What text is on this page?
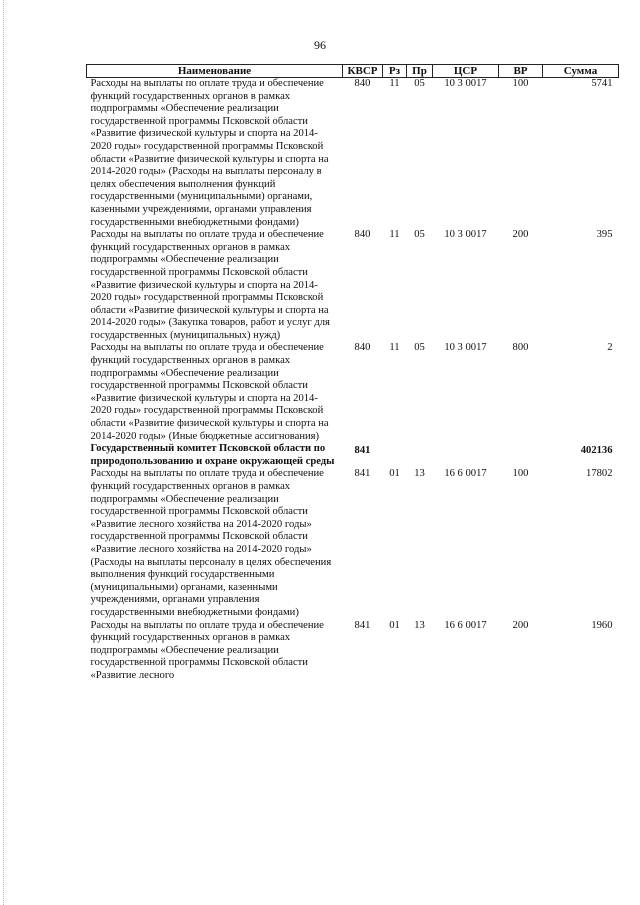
96
Наименование	КВСР	Рз	Пр	ЦСР	ВР	Сумма
Расходы на выплаты по оплате труда и обеспечение функций государственных органов в рамках подпрограммы «Обеспечение реализации государственной программы Псковской области «Развитие физической культуры и спорта на 2014-2020 годы» государственной программы Псковской области «Развитие физической культуры и спорта на 2014-2020 годы» (Расходы на выплаты персоналу в целях обеспечения выполнения функций государственными (муниципальными) органами, казенными учреждениями, органами управления государственными внебюджетными фондами)	840	11	05	10 3 0017	100	5741
Расходы на выплаты по оплате труда и обеспечение функций государственных органов в рамках подпрограммы «Обеспечение реализации государственной программы Псковской области «Развитие физической культуры и спорта на 2014-2020 годы» государственной программы Псковской области «Развитие физической культуры и спорта на 2014-2020 годы» (Закупка товаров, работ и услуг для государственных (муниципальных) нужд)	840	11	05	10 3 0017	200	395
Расходы на выплаты по оплате труда и обеспечение функций государственных органов в рамках подпрограммы «Обеспечение реализации государственной программы Псковской области «Развитие физической культуры и спорта на 2014-2020 годы» государственной программы Псковской области «Развитие физической культуры и спорта на 2014-2020 годы» (Иные бюджетные ассигнования)	840	11	05	10 3 0017	800	2
Государственный комитет Псковской области по природопользованию и охране окружающей среды	841					402136
Расходы на выплаты по оплате труда и обеспечение функций государственных органов в рамках подпрограммы «Обеспечение реализации государственной программы Псковской области «Развитие лесного хозяйства на 2014-2020 годы» государственной программы Псковской области «Развитие лесного хозяйства на 2014-2020 годы» (Расходы на выплаты персоналу в целях обеспечения выполнения функций государственными (муниципальными) органами, казенными учреждениями, органами управления государственными внебюджетными фондами)	841	01	13	16 6 0017	100	17802
Расходы на выплаты по оплате труда и обеспечение функций государственных органов в рамках подпрограммы «Обеспечение реализации государственной программы Псковской области «Развитие лесного	841	01	13	16 6 0017	200	1960
